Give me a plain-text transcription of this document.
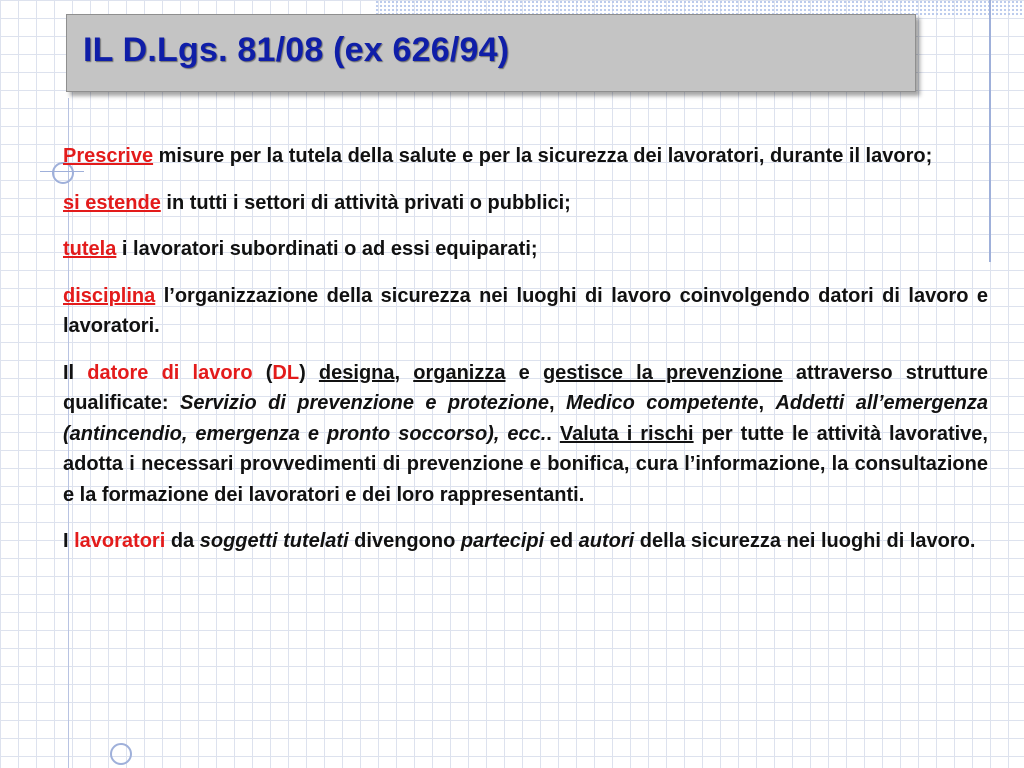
IL D.Lgs. 81/08 (ex 626/94)

Prescrive misure per la tutela della salute e per la sicurezza dei lavoratori, durante il lavoro;

si estende in tutti i settori di attività privati o pubblici;

tutela i lavoratori subordinati o ad essi equiparati;

disciplina l’organizzazione della sicurezza nei luoghi di lavoro coinvolgendo datori di lavoro e lavoratori.

Il datore di lavoro (DL) designa, organizza e gestisce la prevenzione attraverso strutture qualificate: Servizio di prevenzione e protezione, Medico competente, Addetti all’emergenza (antincendio, emergenza e pronto soccorso), ecc.. Valuta i rischi per tutte le attività lavorative, adotta i necessari provvedimenti di prevenzione e bonifica, cura l’informazione, la consultazione e la formazione dei lavoratori e dei loro rappresentanti.

I lavoratori da soggetti tutelati divengono partecipi ed autori della sicurezza nei luoghi di lavoro.
